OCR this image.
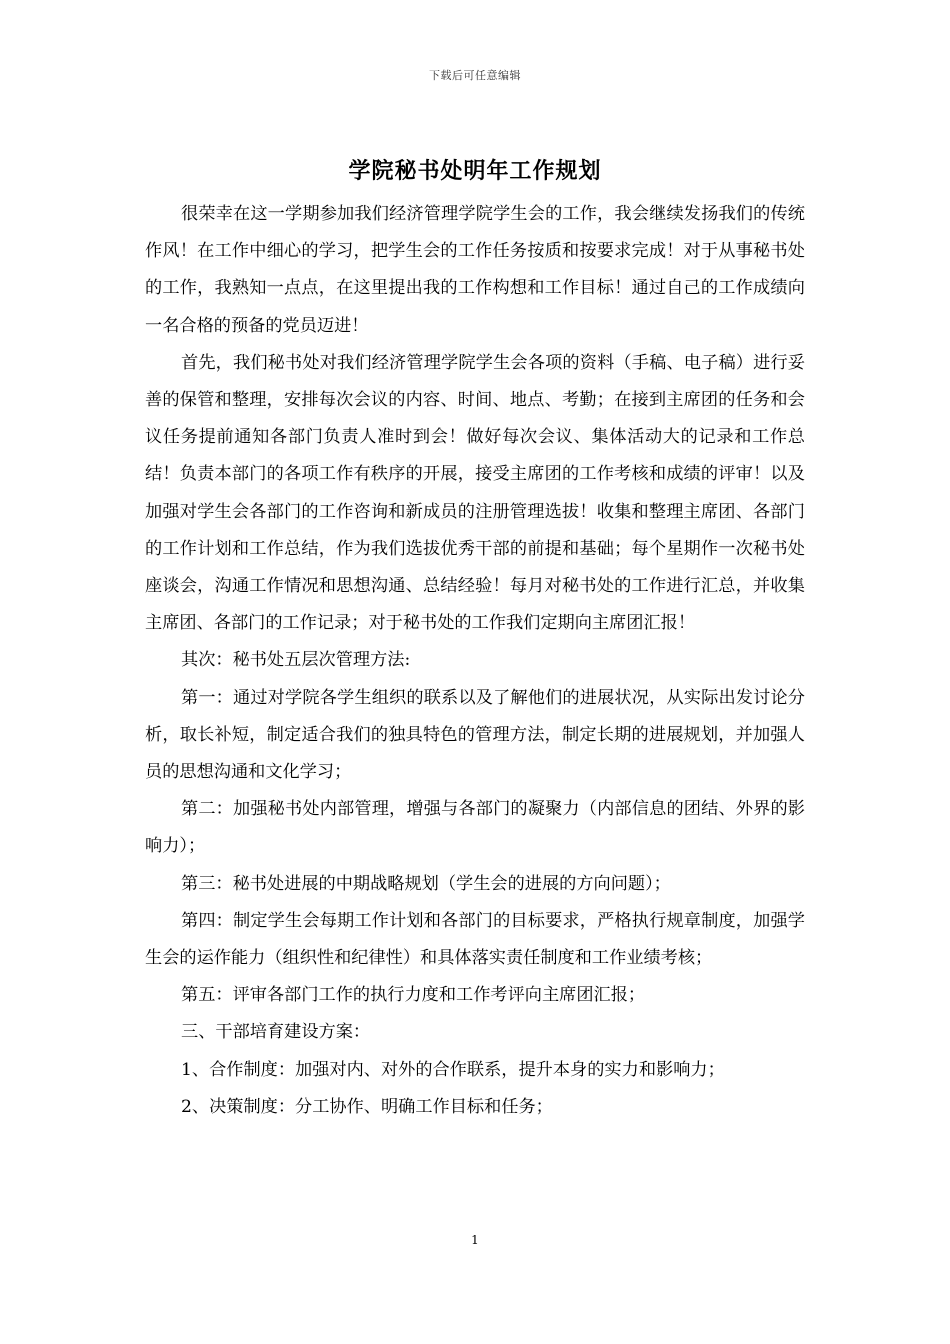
下载后可任意编辑
学院秘书处明年工作规划

很荣幸在这一学期参加我们经济管理学院学生会的工作，我会继续发扬我们的传统作风！在工作中细心的学习，把学生会的工作任务按质和按要求完成！对于从事秘书处的工作，我熟知一点点，在这里提出我的工作构想和工作目标！通过自己的工作成绩向一名合格的预备的党员迈进！

首先，我们秘书处对我们经济管理学院学生会各项的资料（手稿、电子稿）进行妥善的保管和整理，安排每次会议的内容、时间、地点、考勤；在接到主席团的任务和会议任务提前通知各部门负责人准时到会！做好每次会议、集体活动大的记录和工作总结！负责本部门的各项工作有秩序的开展，接受主席团的工作考核和成绩的评审！以及加强对学生会各部门的工作咨询和新成员的注册管理选拔！收集和整理主席团、各部门的工作计划和工作总结，作为我们选拔优秀干部的前提和基础；每个星期作一次秘书处座谈会，沟通工作情况和思想沟通、总结经验！每月对秘书处的工作进行汇总，并收集主席团、各部门的工作记录；对于秘书处的工作我们定期向主席团汇报！

其次：秘书处五层次管理方法:

第一：通过对学院各学生组织的联系以及了解他们的进展状况，从实际出发讨论分析，取长补短，制定适合我们的独具特色的管理方法，制定长期的进展规划，并加强人员的思想沟通和文化学习；

第二：加强秘书处内部管理，增强与各部门的凝聚力（内部信息的团结、外界的影响力）；

第三：秘书处进展的中期战略规划（学生会的进展的方向问题）；

第四：制定学生会每期工作计划和各部门的目标要求，严格执行规章制度，加强学生会的运作能力（组织性和纪律性）和具体落实责任制度和工作业绩考核；

第五：评审各部门工作的执行力度和工作考评向主席团汇报；

三、干部培育建设方案：

1、合作制度：加强对内、对外的合作联系，提升本身的实力和影响力；

2、决策制度：分工协作、明确工作目标和任务；

1
